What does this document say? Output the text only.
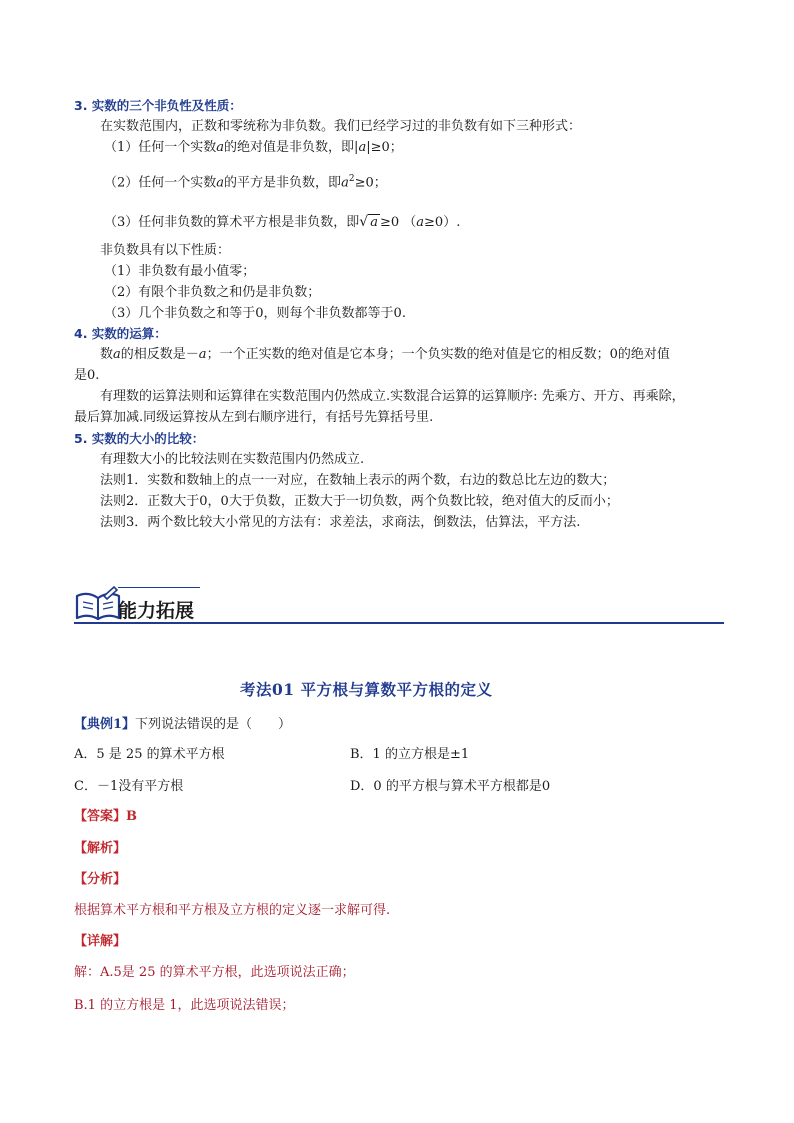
3. 实数的三个非负性及性质：
在实数范围内，正数和零统称为非负数。我们已经学习过的非负数有如下三种形式：
（1）任何一个实数a的绝对值是非负数，即|a|≥0；
（2）任何一个实数a的平方是非负数，即$a^2\ge 0$；
（3）任何非负数的算术平方根是非负数，即√ a ≥0 （a≥0）.
非负数具有以下性质：
（1）非负数有最小值零；
（2）有限个非负数之和仍是非负数；
（3）几个非负数之和等于0，则每个非负数都等于0.
4. 实数的运算：
数a的相反数是－a；一个正实数的绝对值是它本身；一个负实数的绝对值是它的相反数；0的绝对值
是0.
有理数的运算法则和运算律在实数范围内仍然成立.实数混合运算的运算顺序: 先乘方、开方、再乘除，
最后算加减.同级运算按从左到右顺序进行，有括号先算括号里.
5. 实数的大小的比较：
有理数大小的比较法则在实数范围内仍然成立.
法则1．实数和数轴上的点一一对应，在数轴上表示的两个数，右边的数总比左边的数大；
法则2．正数大于0，0大于负数，正数大于一切负数，两个负数比较，绝对值大的反而小；
法则3．两个数比较大小常见的方法有：求差法，求商法，倒数法，估算法，平方法.
能力拓展
考法01 平方根与算数平方根的定义
【典例1】下列说法错误的是（　　）
A．5 是 25 的算术平方根	B．1 的立方根是±1
C．－1没有平方根	D．0 的平方根与算术平方根都是0
【答案】B
【解析】
【分析】
根据算术平方根和平方根及立方根的定义逐一求解可得.
【详解】
解：A.5是 25 的算术平方根，此选项说法正确；
B.1 的立方根是 1，此选项说法错误；
